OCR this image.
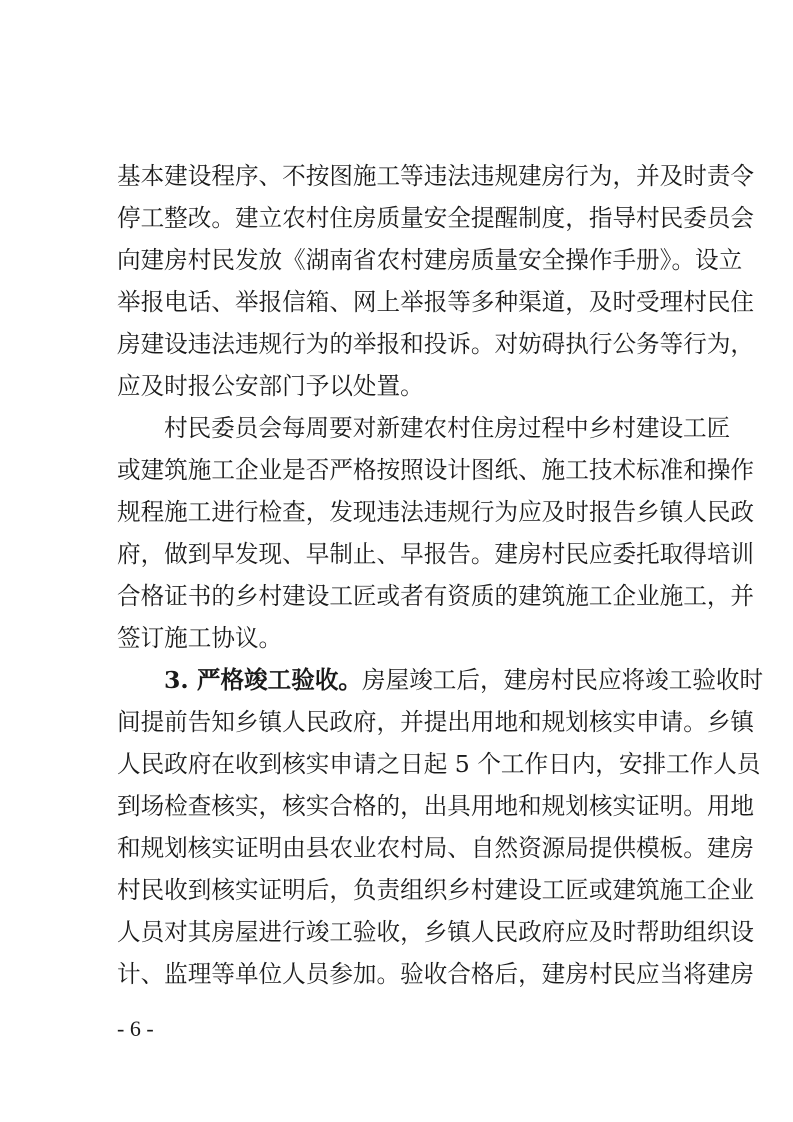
基本建设程序、不按图施工等违法违规建房行为，并及时责令
停工整改。建立农村住房质量安全提醒制度，指导村民委员会
向建房村民发放《湖南省农村建房质量安全操作手册》。设立
举报电话、举报信箱、网上举报等多种渠道，及时受理村民住
房建设违法违规行为的举报和投诉。对妨碍执行公务等行为，
应及时报公安部门予以处置。
村民委员会每周要对新建农村住房过程中乡村建设工匠
或建筑施工企业是否严格按照设计图纸、施工技术标准和操作
规程施工进行检查，发现违法违规行为应及时报告乡镇人民政
府，做到早发现、早制止、早报告。建房村民应委托取得培训
合格证书的乡村建设工匠或者有资质的建筑施工企业施工，并
签订施工协议。
3. 严格竣工验收。房屋竣工后，建房村民应将竣工验收时
间提前告知乡镇人民政府，并提出用地和规划核实申请。乡镇
人民政府在收到核实申请之日起 5 个工作日内，安排工作人员
到场检查核实，核实合格的，出具用地和规划核实证明。用地
和规划核实证明由县农业农村局、自然资源局提供模板。建房
村民收到核实证明后，负责组织乡村建设工匠或建筑施工企业
人员对其房屋进行竣工验收，乡镇人民政府应及时帮助组织设
计、监理等单位人员参加。验收合格后，建房村民应当将建房
- 6 -
